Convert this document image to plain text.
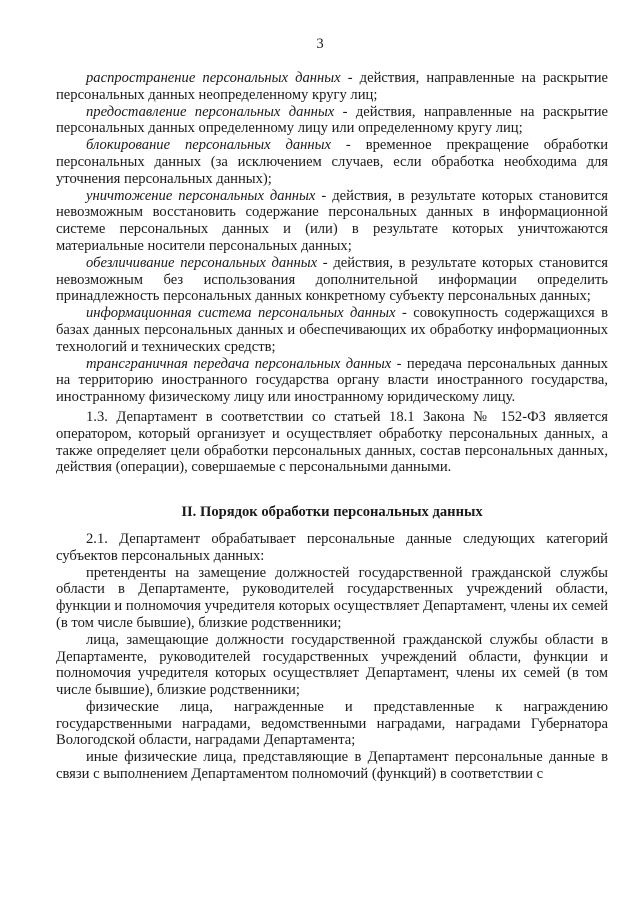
3

распространение персональных данных - действия, направленные на раскрытие персональных данных неопределенному кругу лиц;

предоставление персональных данных - действия, направленные на раскрытие персональных данных определенному лицу или определенному кругу лиц;

блокирование персональных данных - временное прекращение обработки персональных данных (за исключением случаев, если обработка необходима для уточнения персональных данных);

уничтожение персональных данных - действия, в результате которых становится невозможным восстановить содержание персональных данных в информационной системе персональных данных и (или) в результате которых уничтожаются материальные носители персональных данных;

обезличивание персональных данных - действия, в результате которых становится невозможным без использования дополнительной информации определить принадлежность персональных данных конкретному субъекту персональных данных;

информационная система персональных данных - совокупность содержащихся в базах данных персональных данных и обеспечивающих их обработку информационных технологий и технических средств;

трансграничная передача персональных данных - передача персональных данных на территорию иностранного государства органу власти иностранного государства, иностранному физическому лицу или иностранному юридическому лицу.

1.3. Департамент в соответствии со статьей 18.1 Закона № 152-ФЗ является оператором, который организует и осуществляет обработку персональных данных, а также определяет цели обработки персональных данных, состав персональных данных, действия (операции), совершаемые с персональными данными.

II. Порядок обработки персональных данных

2.1. Департамент обрабатывает персональные данные следующих категорий субъектов персональных данных:

претенденты на замещение должностей государственной гражданской службы области в Департаменте, руководителей государственных учреждений области, функции и полномочия учредителя которых осуществляет Департамент, члены их семей (в том числе бывшие), близкие родственники;

лица, замещающие должности государственной гражданской службы области в Департаменте, руководителей государственных учреждений области, функции и полномочия учредителя которых осуществляет Департамент, члены их семей (в том числе бывшие), близкие родственники;

физические лица, награжденные и представленные к награждению государственными наградами, ведомственными наградами, наградами Губернатора Вологодской области, наградами Департамента;

иные физические лица, представляющие в Департамент персональные данные в связи с выполнением Департаментом полномочий (функций) в соответствии с
